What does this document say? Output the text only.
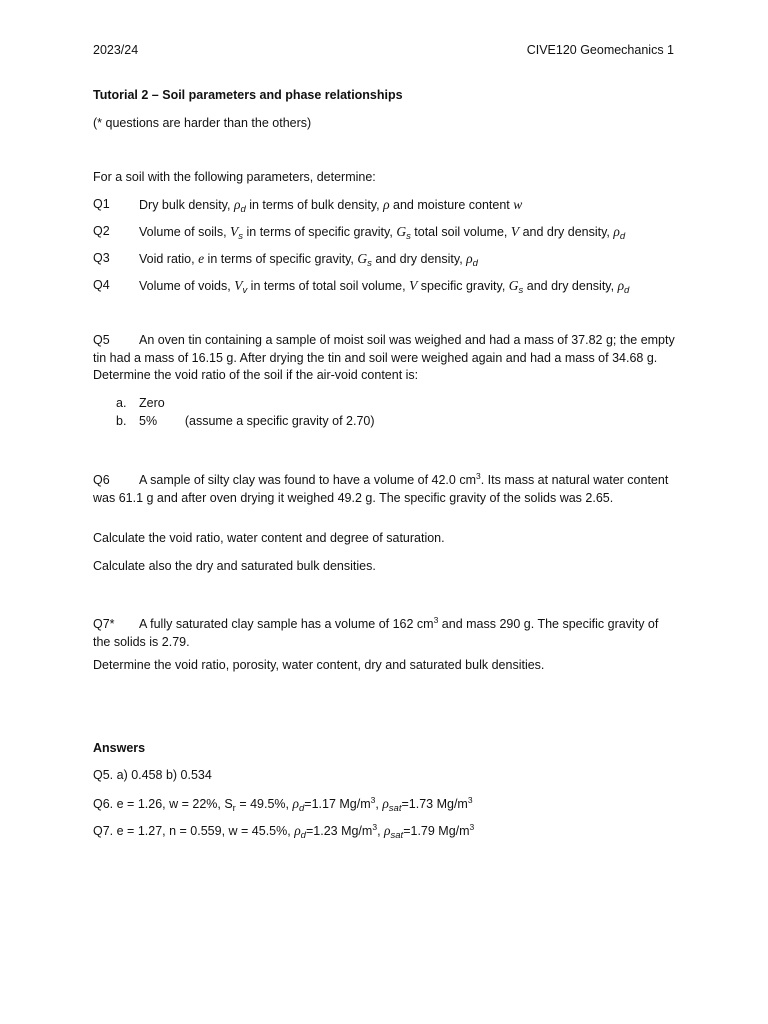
2023/24	CIVE120 Geomechanics 1
Tutorial 2 – Soil parameters and phase relationships
(* questions are harder than the others)
For a soil with the following parameters, determine:
Q1 Dry bulk density, $\rho_d$ in terms of bulk density, ρ and moisture content w
Q2 Volume of soils, $V_s$ in terms of specific gravity, $G_s$ total soil volume, V and dry density, $\rho_d$
Q3 Void ratio, e in terms of specific gravity, $G_s$ and dry density, $\rho_d$
Q4 Volume of voids, $V_v$ in terms of total soil volume, V specific gravity, $G_s$ and dry density, $\rho_d$
Q5 An oven tin containing a sample of moist soil was weighed and had a mass of 37.82 g; the empty tin had a mass of 16.15 g. After drying the tin and soil were weighed again and had a mass of 34.68 g. Determine the void ratio of the soil if the air-void content is:
a. Zero
b. 5%        (assume a specific gravity of 2.70)
Q6 A sample of silty clay was found to have a volume of 42.0 $cm^3$. Its mass at natural water content was 61.1 g and after oven drying it weighed 49.2 g. The specific gravity of the solids was 2.65.
Calculate the void ratio, water content and degree of saturation.
Calculate also the dry and saturated bulk densities.
Q7* A fully saturated clay sample has a volume of 162 $cm^3$ and mass 290 g. The specific gravity of the solids is 2.79.
Determine the void ratio, porosity, water content, dry and saturated bulk densities.
Answers
Q5. a) 0.458 b) 0.534
Q6. e = 1.26, w = 22%, $S_r = 49.5\%$, $\rho_d=1.17$ $Mg/m^3$, $\rho_{sat}=1.73$ $Mg/m^3$
Q7. e = 1.27, n = 0.559, w = 45.5%, $\rho_d=1.23$ $Mg/m^3$, $\rho_{sat}=1.79$ $Mg/m^3$
